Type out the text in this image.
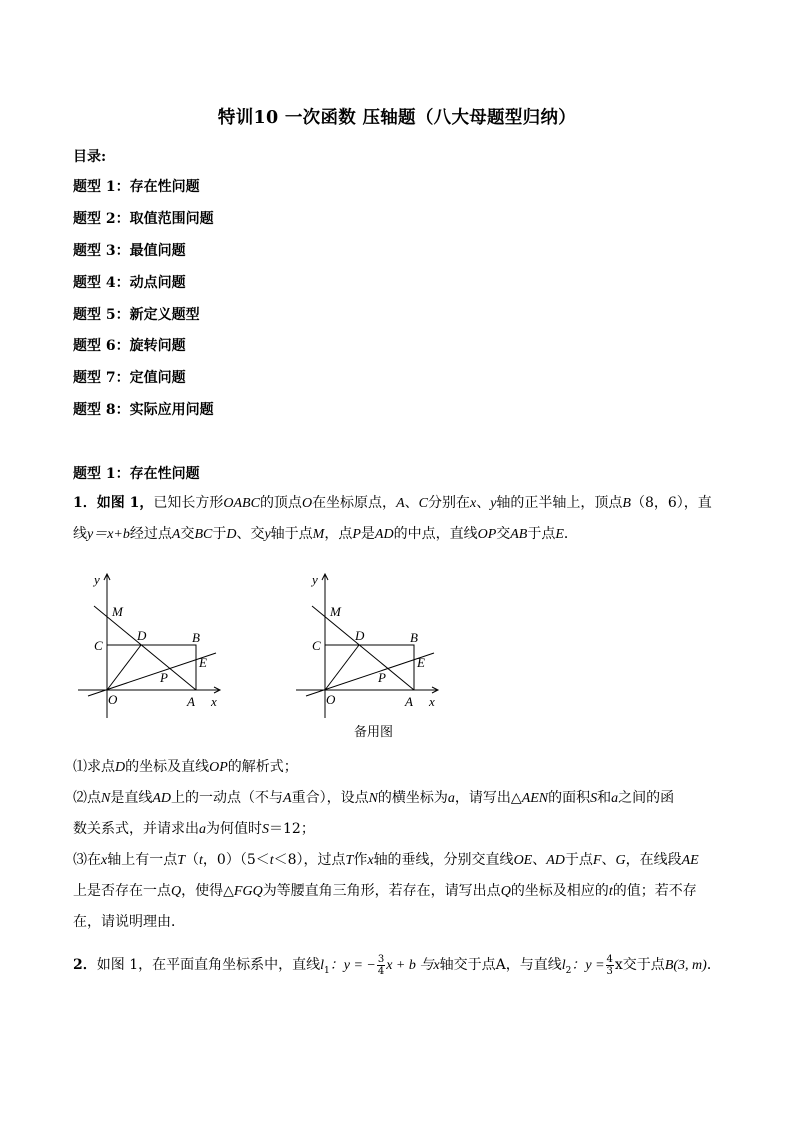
特训10 一次函数 压轴题（八大母题型归纳）
目录:
题型 1：存在性问题
题型 2：取值范围问题
题型 3：最值问题
题型 4：动点问题
题型 5：新定义题型
题型 6：旋转问题
题型 7：定值问题
题型 8：实际应用问题
题型 1：存在性问题
1．如图 1，已知长方形OABC的顶点O在坐标原点，A、C分别在x、y轴的正半轴上，顶点B（8，6），直
线y＝x+b经过点A交BC于D、交y轴于点M，点P是AD的中点，直线OP交AB于点E．
y
x
O	A
B
C
D
E
M
P
y
x
O	A
B
C
D
E
M
P
备用图
⑴求点D的坐标及直线OP的解析式；
⑵点N是直线AD上的一动点（不与A重合），设点N的横坐标为a，请写出△AEN的面积S和a之间的函
数关系式，并请求出a为何值时S＝12；
⑶在x轴上有一点T（t，0）（5＜t＜8），过点T作x轴的垂线，分别交直线OE、AD于点F、G，在线段AE
上是否存在一点Q，使得△FGQ为等腰直角三角形，若存在，请写出点Q的坐标及相应的t的值；若不存
在，请说明理由．
2．如图 1，在平面直角坐标系中，直线$l_1$：y = − $\frac{3}{4}$ x + b 与x轴交于点A，与直线$l_2$：$y = \frac{4}{3}$ x交于点B(3, m)．
